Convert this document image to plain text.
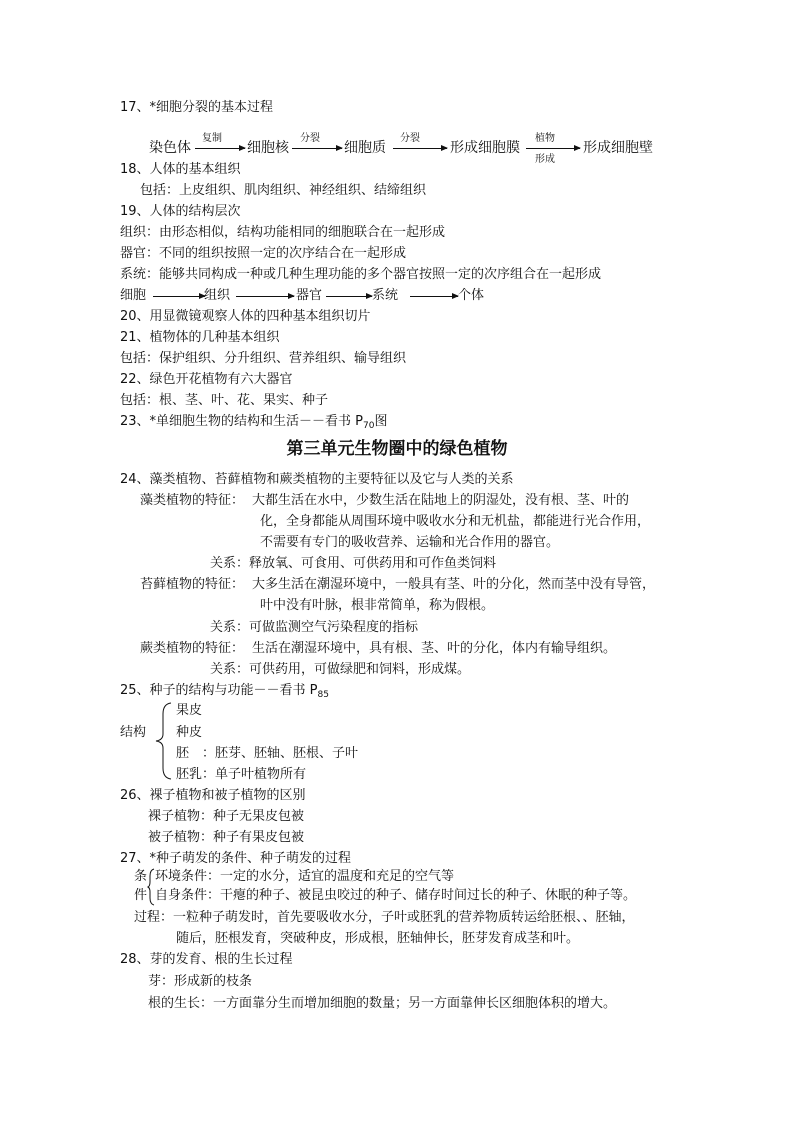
17、*细胞分裂的基本过程
染色体
复制
细胞核
分裂
细胞质
分裂
形成细胞膜
植物
形成
形成细胞壁
18、人体的基本组织
包括：上皮组织、肌肉组织、神经组织、结缔组织
19、人体的结构层次
组织：由形态相似，结构功能相同的细胞联合在一起形成
器官：不同的组织按照一定的次序结合在一起形成
系统：能够共同构成一种或几种生理功能的多个器官按照一定的次序组合在一起形成
细胞	组织	器官	系统	个体
20、用显微镜观察人体的四种基本组织切片
21、植物体的几种基本组织
包括：保护组织、分升组织、营养组织、输导组织
22、绿色开花植物有六大器官
包括：根、茎、叶、花、果实、种子
23、*单细胞生物的结构和生活－－看书 $P_{70}$图
第三单元生物圈中的绿色植物
24、藻类植物、苔藓植物和蕨类植物的主要特征以及它与人类的关系
藻类植物的特征： 大都生活在水中，少数生活在陆地上的阴湿处，没有根、茎、叶的
化，全身都能从周围环境中吸收水分和无机盐，都能进行光合作用，
不需要有专门的吸收营养、运输和光合作用的器官。
关系：释放氧、可食用、可供药用和可作鱼类饲料
苔藓植物的特征： 大多生活在潮湿环境中，一般具有茎、叶的分化，然而茎中没有导管，
叶中没有叶脉，根非常简单，称为假根。
关系：可做监测空气污染程度的指标
蕨类植物的特征： 生活在潮湿环境中，具有根、茎、叶的分化，体内有输导组织。
关系：可供药用，可做绿肥和饲料，形成煤。
25、种子的结构与功能－－看书 $P_{85}$
结构
果皮
种皮
胚　：胚芽、胚轴、胚根、子叶
胚乳：单子叶植物所有
26、裸子植物和被子植物的区别
裸子植物：种子无果皮包被
被子植物：种子有果皮包被
27、*种子萌发的条件、种子萌发的过程
条
件
环境条件：一定的水分，适宜的温度和充足的空气等
自身条件：干瘪的种子、被昆虫咬过的种子、储存时间过长的种子、休眠的种子等。
过程：一粒种子萌发时，首先要吸收水分，子叶或胚乳的营养物质转运给胚根、、胚轴，
随后，胚根发育，突破种皮，形成根，胚轴伸长，胚芽发育成茎和叶。
28、芽的发育、根的生长过程
芽：形成新的枝条
根的生长：一方面靠分生而增加细胞的数量；另一方面靠伸长区细胞体积的增大。
